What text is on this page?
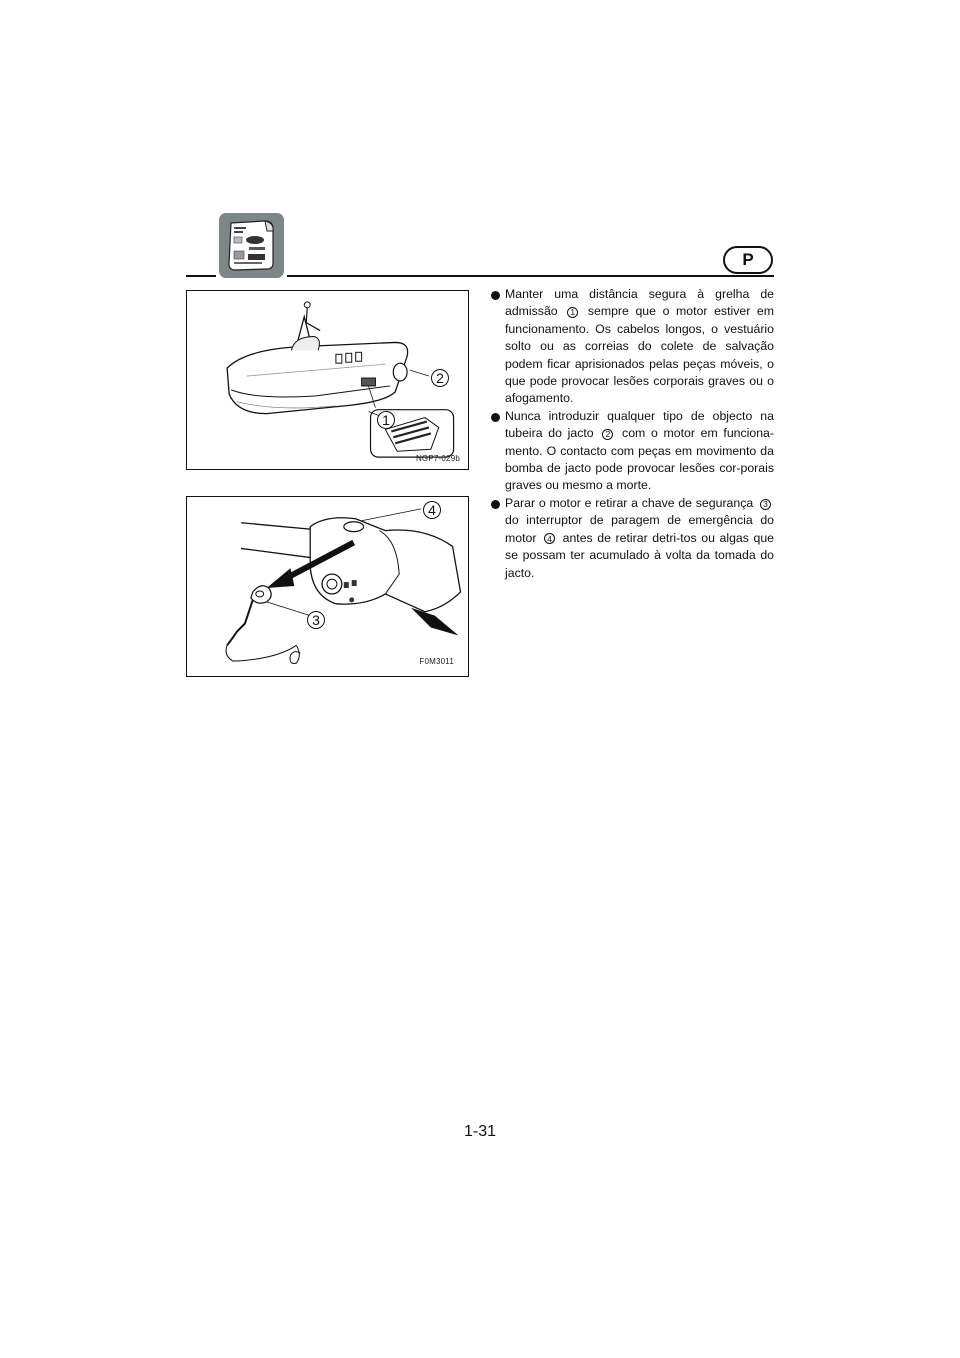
P
1
2
NGP7-029b
3
4
F0M3011

Manter uma distância segura à grelha de admissão 1 sempre que o motor estiver em funcionamento. Os cabelos longos, o vestuário solto ou as correias do colete de salvação podem ficar aprisionados pelas peças móveis, o que pode provocar lesões corporais graves ou o afogamento.

Nunca introduzir qualquer tipo de objecto na tubeira do jacto 2 com o motor em funciona-mento. O contacto com peças em movimento da bomba de jacto pode provocar lesões cor-porais graves ou mesmo a morte.

Parar o motor e retirar a chave de segurança 3 do interruptor de paragem de emergência do motor 4 antes de retirar detri-tos ou algas que se possam ter acumulado à volta da tomada do jacto.

1-31
